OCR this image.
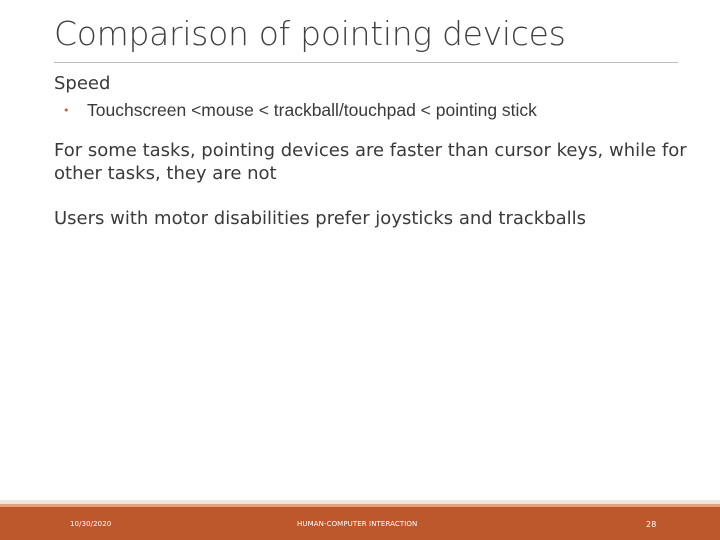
Comparison of pointing devices

Speed

•	Touchscreen <mouse < trackball/touchpad < pointing stick

For some tasks, pointing devices are faster than cursor keys, while for other tasks, they are not

Users with motor disabilities prefer joysticks and trackballs

10/30/2020	HUMAN-COMPUTER INTERACTION	28
